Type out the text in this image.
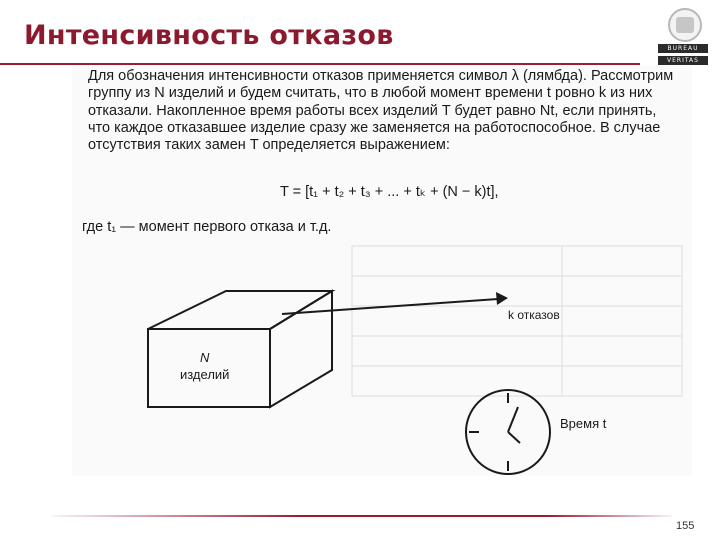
Интенсивность отказов	BUREAU
VERITAS
Для обозначения интенсивности отказов применяется символ λ (лямбда). Рассмотрим группу из N изделий и будем считать, что в любой момент времени t ровно k из них отказали. Накопленное время работы всех изделий T будет равно Nt, если принять, что каждое отказавшее изделие сразу же заменяется на работоспособное. В случае отсутствия таких замен T определяется выражением:
T = [t₁ + t₂ + t₃ + ... + tₖ + (N − k)t],
где t₁ — момент первого отказа и т.д.
N
изделий
k отказов
Время t
155
